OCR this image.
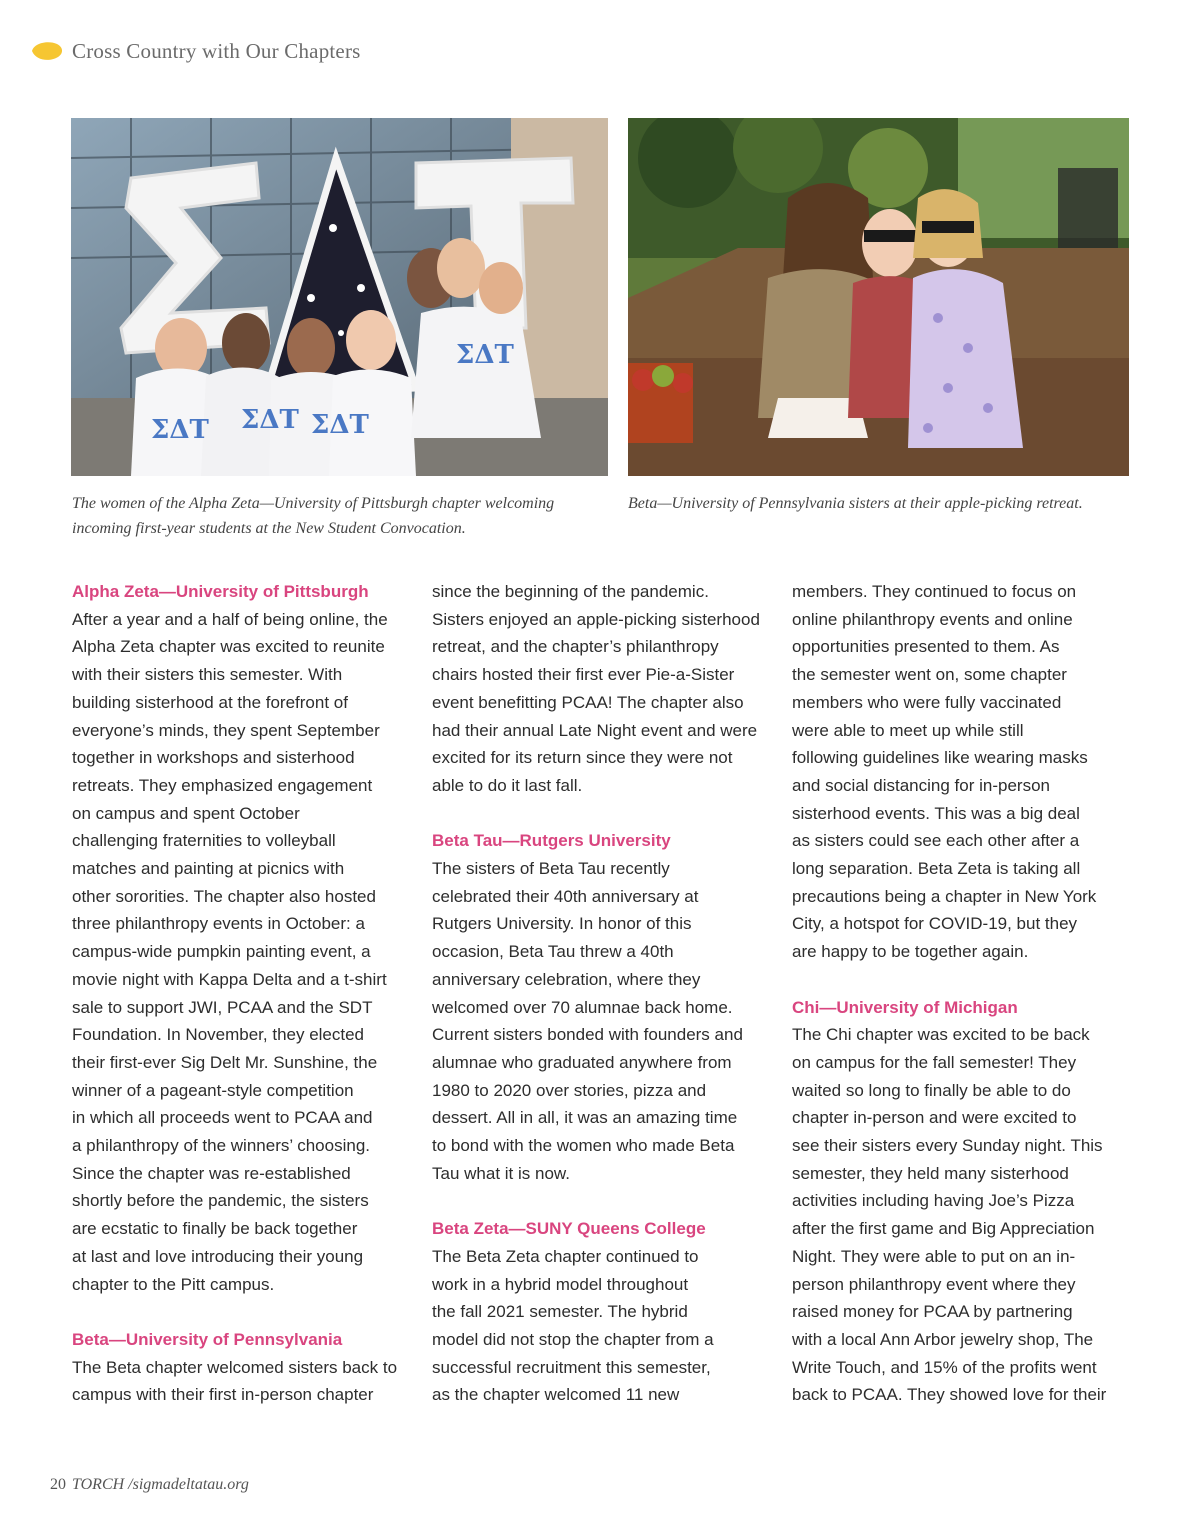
Cross Country with Our Chapters
ΣΔΤ ΣΔΤ ΣΔΤ
ΣΔΤ
The women of the Alpha Zeta—University of Pittsburgh chapter welcoming incoming first-year students at the New Student Convocation.
Beta—University of Pennsylvania sisters at their apple-picking retreat.
Alpha Zeta—University of Pittsburgh
After a year and a half of being online, the
Alpha Zeta chapter was excited to reunite
with their sisters this semester. With
building sisterhood at the forefront of
everyone’s minds, they spent September
together in workshops and sisterhood
retreats. They emphasized engagement
on campus and spent October
challenging fraternities to volleyball
matches and painting at picnics with
other sororities. The chapter also hosted
three philanthropy events in October: a
campus-wide pumpkin painting event, a
movie night with Kappa Delta and a t-shirt
sale to support JWI, PCAA and the SDT
Foundation. In November, they elected
their first-ever Sig Delt Mr. Sunshine, the
winner of a pageant-style competition
in which all proceeds went to PCAA and
a philanthropy of the winners’ choosing.
Since the chapter was re-established
shortly before the pandemic, the sisters
are ecstatic to finally be back together
at last and love introducing their young
chapter to the Pitt campus.
Beta—University of Pennsylvania
The Beta chapter welcomed sisters back to
campus with their first in-person chapter
since the beginning of the pandemic.
Sisters enjoyed an apple-picking sisterhood
retreat, and the chapter’s philanthropy
chairs hosted their first ever Pie-a-Sister
event benefitting PCAA! The chapter also
had their annual Late Night event and were
excited for its return since they were not
able to do it last fall.
Beta Tau—Rutgers University
The sisters of Beta Tau recently
celebrated their 40th anniversary at
Rutgers University. In honor of this
occasion, Beta Tau threw a 40th
anniversary celebration, where they
welcomed over 70 alumnae back home.
Current sisters bonded with founders and
alumnae who graduated anywhere from
1980 to 2020 over stories, pizza and
dessert. All in all, it was an amazing time
to bond with the women who made Beta
Tau what it is now.
Beta Zeta—SUNY Queens College
The Beta Zeta chapter continued to
work in a hybrid model throughout
the fall 2021 semester. The hybrid
model did not stop the chapter from a
successful recruitment this semester,
as the chapter welcomed 11 new
members. They continued to focus on
online philanthropy events and online
opportunities presented to them. As
the semester went on, some chapter
members who were fully vaccinated
were able to meet up while still
following guidelines like wearing masks
and social distancing for in-person
sisterhood events. This was a big deal
as sisters could see each other after a
long separation. Beta Zeta is taking all
precautions being a chapter in New York
City, a hotspot for COVID-19, but they
are happy to be together again.
Chi—University of Michigan
The Chi chapter was excited to be back
on campus for the fall semester! They
waited so long to finally be able to do
chapter in-person and were excited to
see their sisters every Sunday night. This
semester, they held many sisterhood
activities including having Joe’s Pizza
after the first game and Big Appreciation
Night. They were able to put on an in-
person philanthropy event where they
raised money for PCAA by partnering
with a local Ann Arbor jewelry shop, The
Write Touch, and 15% of the profits went
back to PCAA. They showed love for their
20 TORCH /sigmadeltatau.org
